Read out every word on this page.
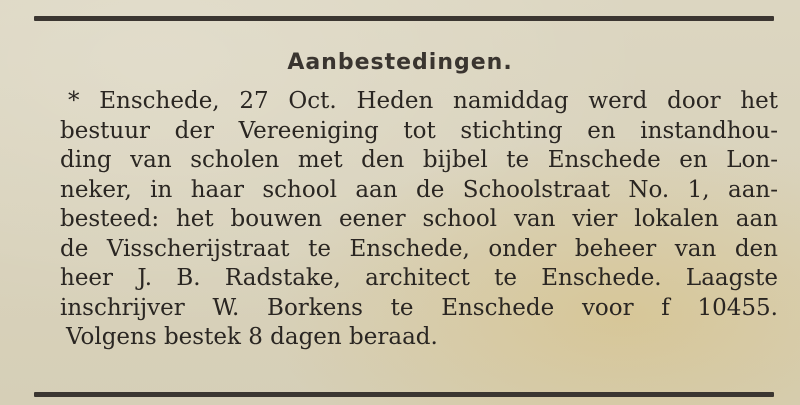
Aanbestedingen.
* Enschede, 27 Oct. Heden namiddag werd door het
bestuur der Vereeniging tot stichting en instandhou-
ding van scholen met den bijbel te Enschede en Lon-
neker, in haar school aan de Schoolstraat No. 1, aan-
besteed: het bouwen eener school van vier lokalen aan
de Visscherijstraat te Enschede, onder beheer van den
heer J. B. Radstake, architect te Enschede. Laagste
inschrijver W. Borkens te Enschede voor f 10455.
Volgens bestek 8 dagen beraad.
